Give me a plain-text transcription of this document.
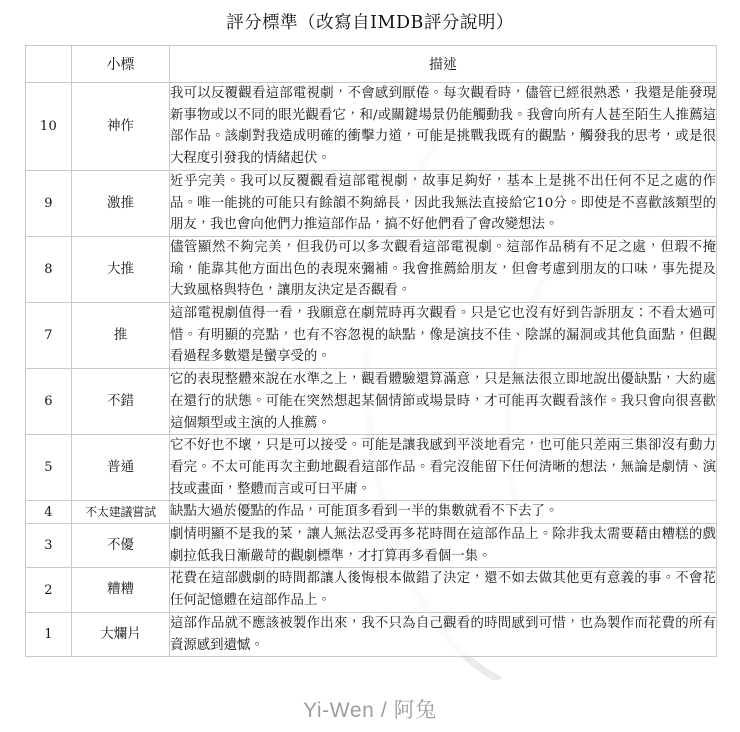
評分標準（改寫自IMDB評分說明）
	小標	描述
10	神作	我可以反覆觀看這部電視劇，不會感到厭倦。每次觀看時，儘管已經很熟悉，我還是能發現新事物或以不同的眼光觀看它，和/或關鍵場景仍能觸動我。我會向所有人甚至陌生人推薦這部作品。該劇對我造成明確的衝擊力道，可能是挑戰我既有的觀點，觸發我的思考，或是很大程度引發我的情緒起伏。
9	激推	近乎完美。我可以反覆觀看這部電視劇，故事足夠好，基本上是挑不出任何不足之處的作品。唯一能挑的可能只有餘韻不夠綿長，因此我無法直接給它10分。即使是不喜歡該類型的朋友，我也會向他們力推這部作品，搞不好他們看了會改變想法。
8	大推	儘管顯然不夠完美，但我仍可以多次觀看這部電視劇。這部作品稍有不足之處，但瑕不掩瑜，能靠其他方面出色的表現來彌補。我會推薦給朋友，但會考慮到朋友的口味，事先提及大致風格與特色，讓朋友決定是否觀看。
7	推	這部電視劇值得一看，我願意在劇荒時再次觀看。只是它也沒有好到告訴朋友：不看太過可惜。有明顯的亮點，也有不容忽視的缺點，像是演技不佳、陰謀的漏洞或其他負面點，但觀看過程多數還是蠻享受的。
6	不錯	它的表現整體來說在水準之上，觀看體驗還算滿意，只是無法很立即地說出優缺點，大約處在還行的狀態。可能在突然想起某個情節或場景時，才可能再次觀看該作。我只會向很喜歡這個類型或主演的人推薦。
5	普通	它不好也不壞，只是可以接受。可能是讓我感到平淡地看完，也可能只差兩三集卻沒有動力看完。不太可能再次主動地觀看這部作品。看完沒能留下任何清晰的想法，無論是劇情、演技或畫面，整體而言或可曰平庸。
4	不太建議嘗試	缺點大過於優點的作品，可能頂多看到一半的集數就看不下去了。
3	不優	劇情明顯不是我的菜，讓人無法忍受再多花時間在這部作品上。除非我太需要藉由糟糕的戲劇拉低我日漸嚴苛的觀劇標準，才打算再多看個一集。
2	糟糟	花費在這部戲劇的時間都讓人後悔根本做錯了決定，還不如去做其他更有意義的事。不會花任何記憶體在這部作品上。
1	大爛片	這部作品就不應該被製作出來，我不只為自己觀看的時間感到可惜，也為製作而花費的所有資源感到遺憾。
Yi-Wen / 阿兔
